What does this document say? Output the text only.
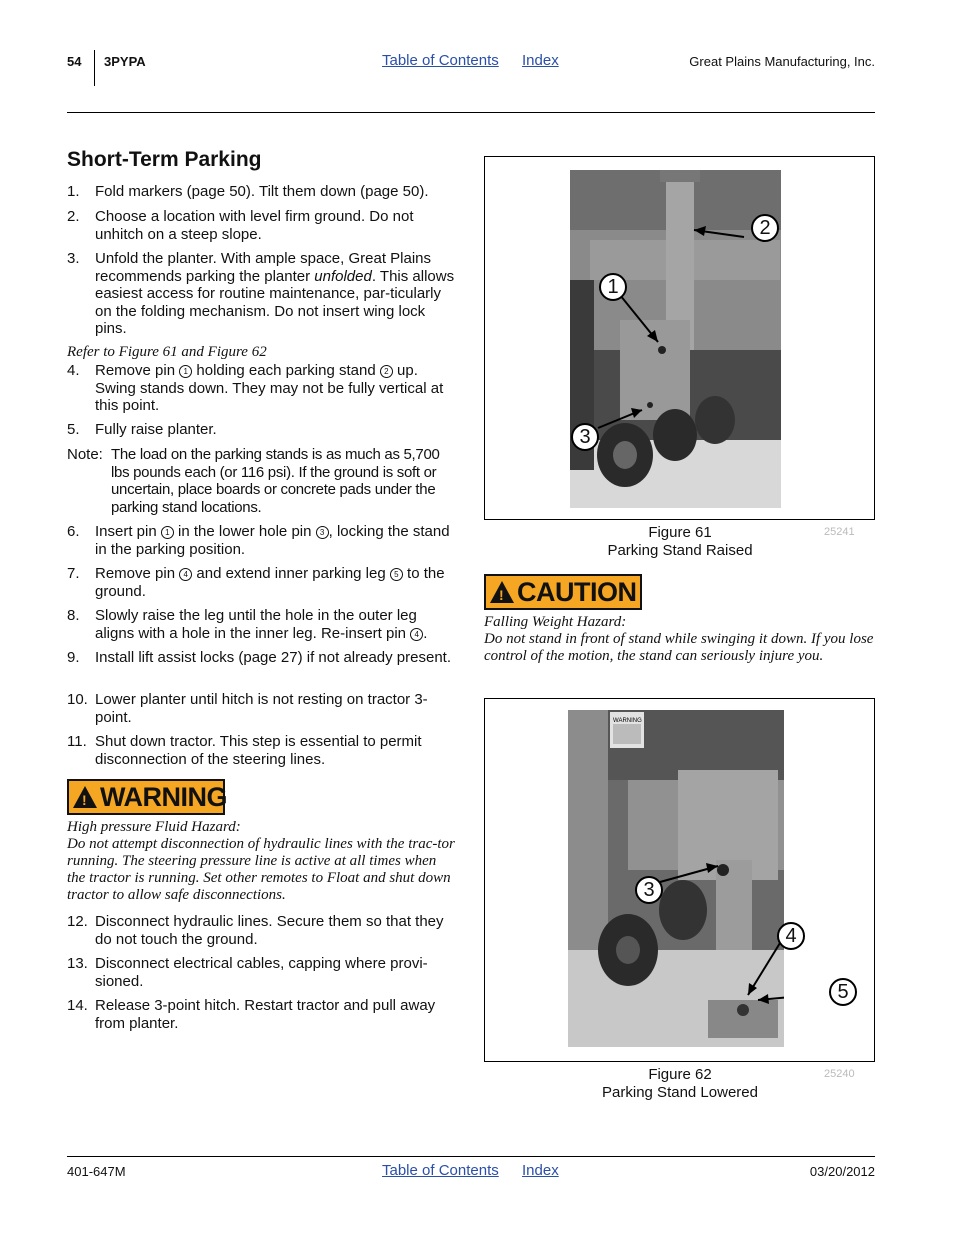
54 3PYPA	Table of Contents Index	Great Plains Manufacturing, Inc.
Short-Term Parking
1. Fold markers (page 50). Tilt them down (page 50).
2. Choose a location with level firm ground. Do not unhitch on a steep slope.
3. Unfold the planter. With ample space, Great Plains recommends parking the planter unfolded. This allows easiest access for routine maintenance, par-ticularly on the folding mechanism. Do not insert wing lock pins.
Refer to Figure 61 and Figure 62
4. Remove pin 1 holding each parking stand 2 up. Swing stands down. They may not be fully vertical at this point.
5. Fully raise planter.
Note: The load on the parking stands is as much as 5,700 lbs pounds each (or 116 psi). If the ground is soft or uncertain, place boards or concrete pads under the parking stand locations.
6. Insert pin 1 in the lower hole pin 3 , locking the stand in the parking position.
7. Remove pin 4 and extend inner parking leg 5 to the ground.
8. Slowly raise the leg until the hole in the outer leg aligns with a hole in the inner leg. Re-insert pin 4 .
9. Install lift assist locks (page 27) if not already present.
10. Lower planter until hitch is not resting on tractor 3-point.
11. Shut down tractor. This step is essential to permit disconnection of the steering lines.
! WARNING
High pressure Fluid Hazard:
Do not attempt disconnection of hydraulic lines with the trac-tor running. The steering pressure line is active at all times when the tractor is running. Set other remotes to Float and shut down tractor to allow safe disconnections.
12. Disconnect hydraulic lines. Secure them so that they do not touch the ground.
13. Disconnect electrical cables, capping where provi-sioned.
14. Release 3-point hitch. Restart tractor and pull away from planter.
2
1
3
Figure 61
Parking Stand Raised
25241
! CAUTION
Falling Weight Hazard:
Do not stand in front of stand while swinging it down. If you lose control of the motion, the stand can seriously injure you.
WARNING
3
4
5
Figure 62
Parking Stand Lowered
25240
401-647M	Table of Contents Index	03/20/2012
